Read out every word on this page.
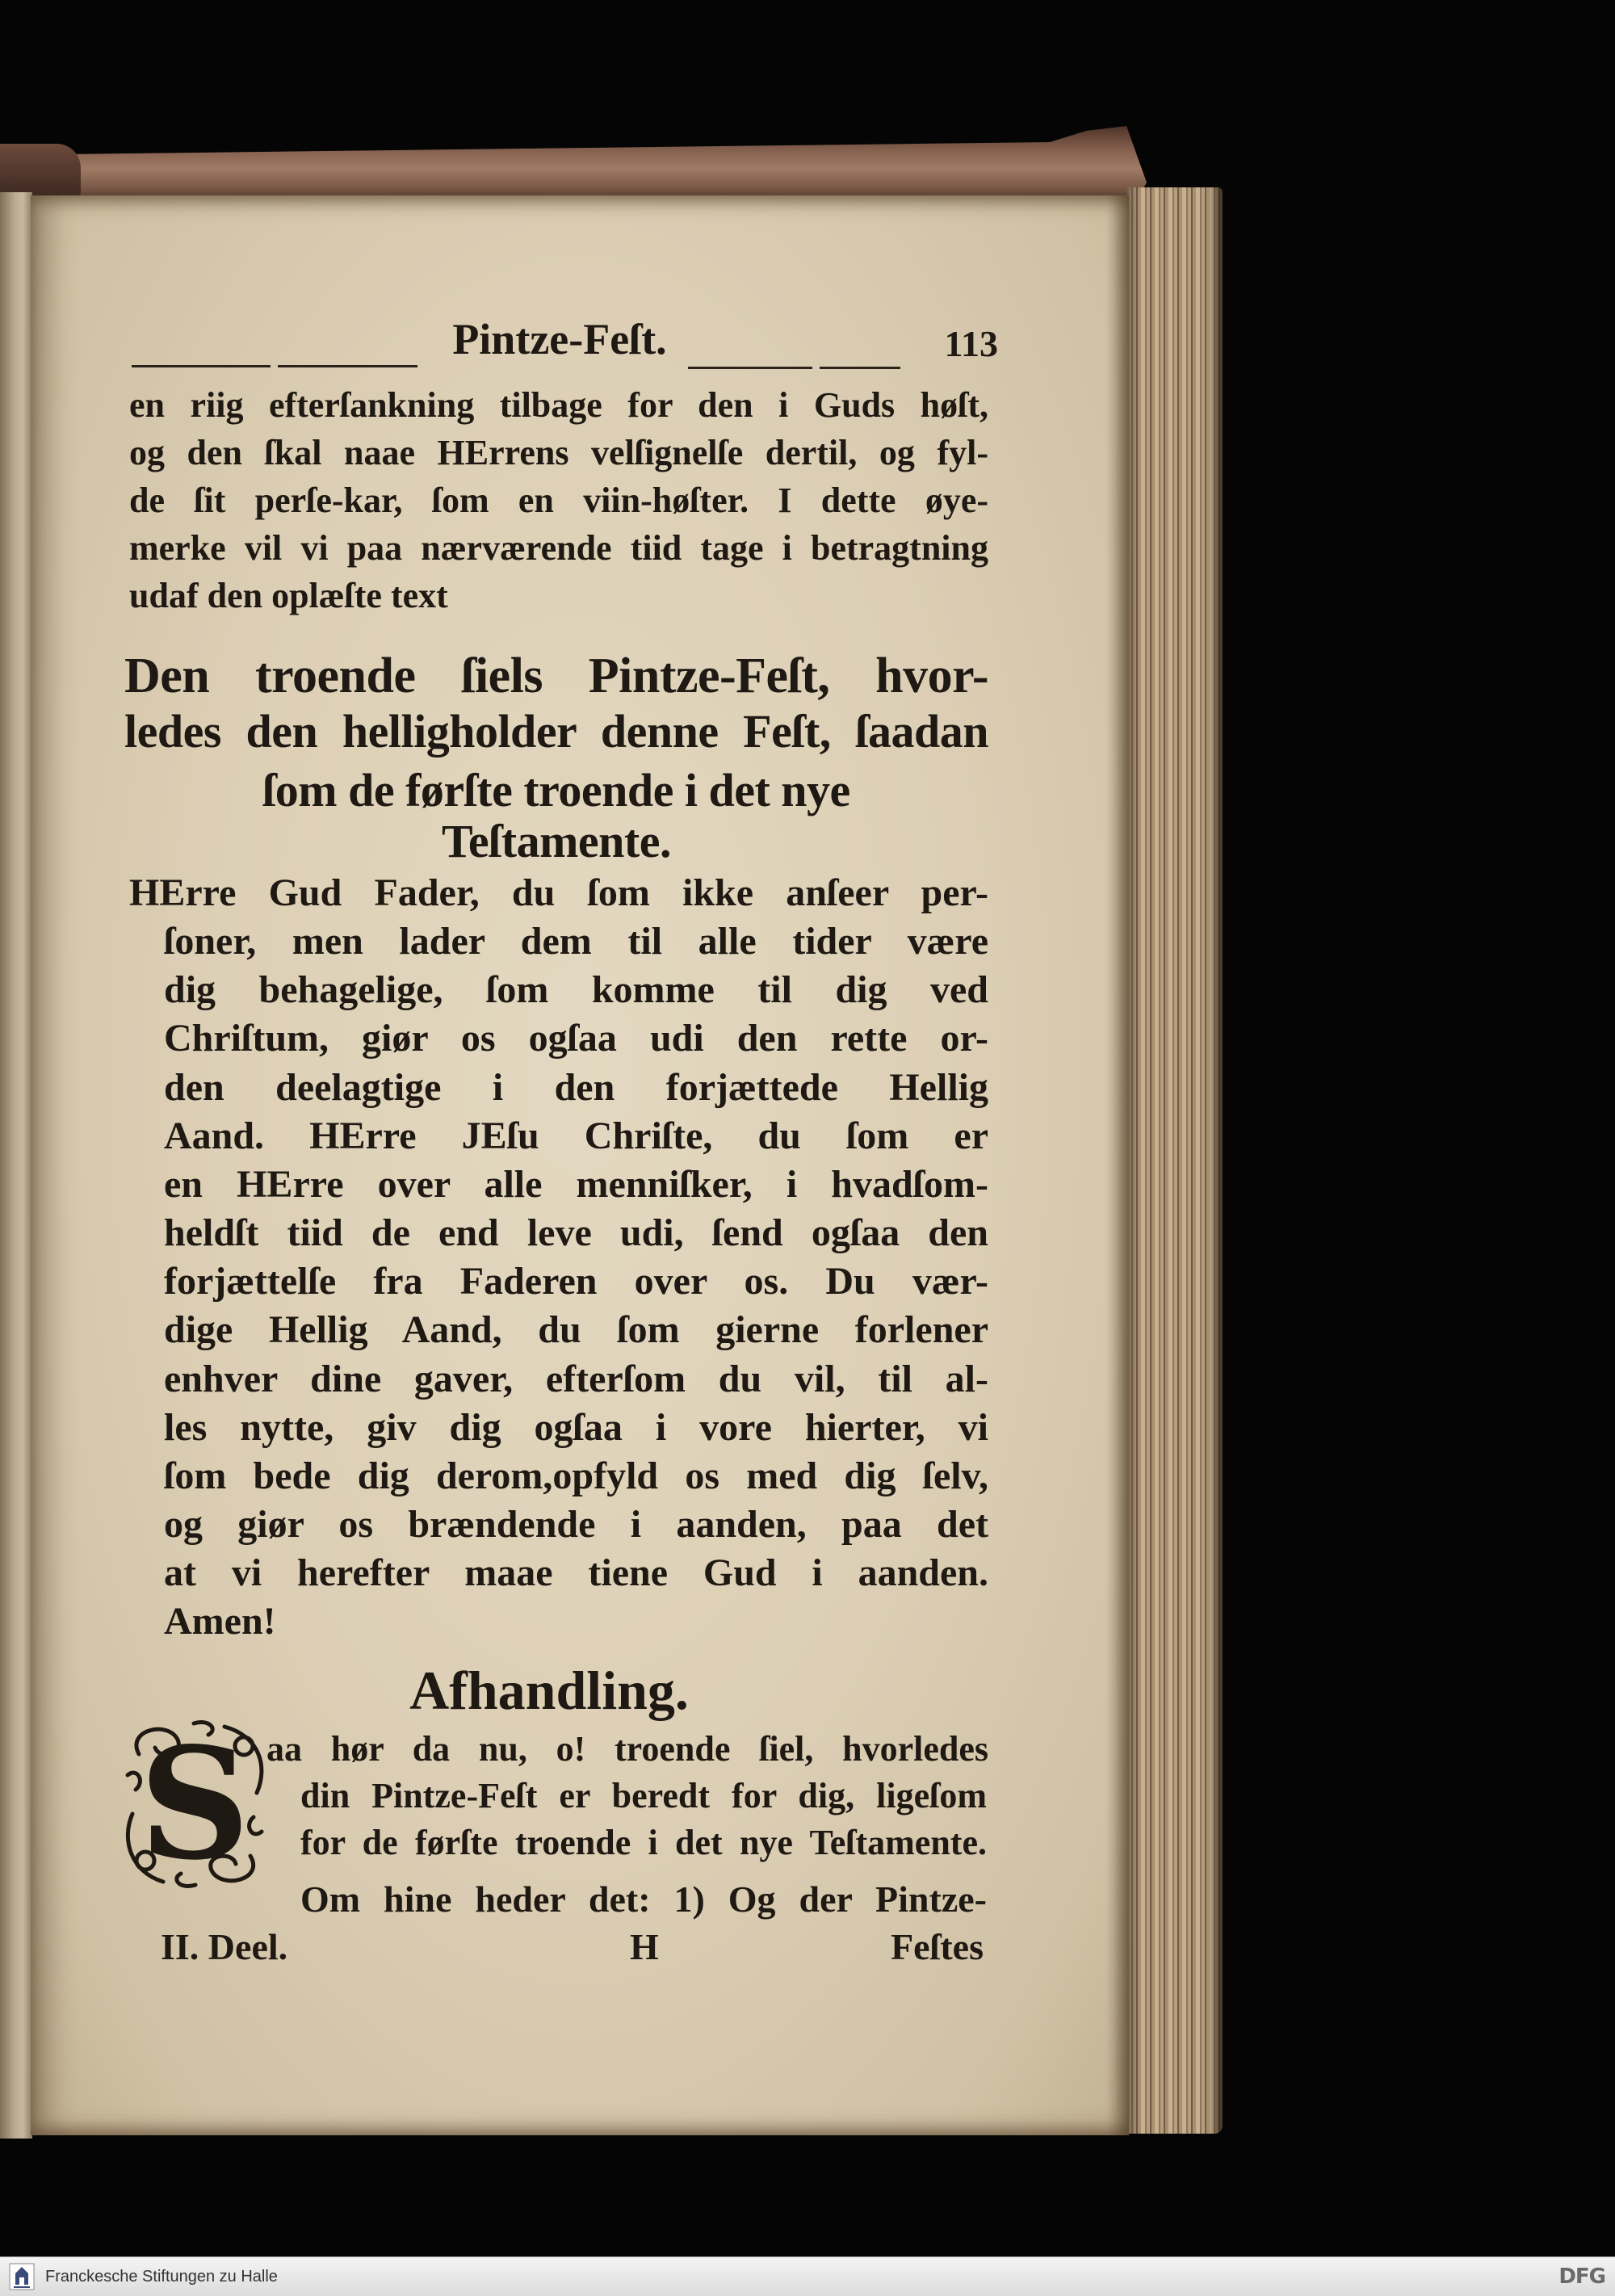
Pintze-Feſt.	113
en riig efterſankning tilbage for den i Guds høſt,
og den ſkal naae HErrens velſignelſe dertil, og fyl-
de ſit perſe-kar, ſom en viin-høſter. I dette øye-
merke vil vi paa nærværende tiid tage i betragtning
udaf den oplæſte text
Den troende ſiels Pintze-Feſt, hvor-
ledes den helligholder denne Feſt, ſaadan
ſom de førſte troende i det nye
Teſtamente.
HErre Gud Fader, du ſom ikke anſeer per-
ſoner, men lader dem til alle tider være
dig behagelige, ſom komme til dig ved
Chriſtum, giør os ogſaa udi den rette or-
den deelagtige i den forjættede Hellig
Aand. HErre JEſu Chriſte, du ſom er
en HErre over alle menniſker, i hvadſom-
heldſt tiid de end leve udi, ſend ogſaa den
forjættelſe fra Faderen over os. Du vær-
dige Hellig Aand, du ſom gierne forlener
enhver dine gaver, efterſom du vil, til al-
les nytte, giv dig ogſaa i vore hierter, vi
ſom bede dig derom,opfyld os med dig ſelv,
og giør os brændende i aanden, paa det
at vi herefter maae tiene Gud i aanden.
Amen!
Afhandling.
S aa hør da nu, o! troende ſiel, hvorledes
din Pintze-Feſt er beredt for dig, ligeſom
for de førſte troende i det nye Teſtamente.
Om hine heder det: 1) Og der Pintze-
II. Deel.	H	Feſtes
Franckesche Stiftungen zu Halle	DFG
